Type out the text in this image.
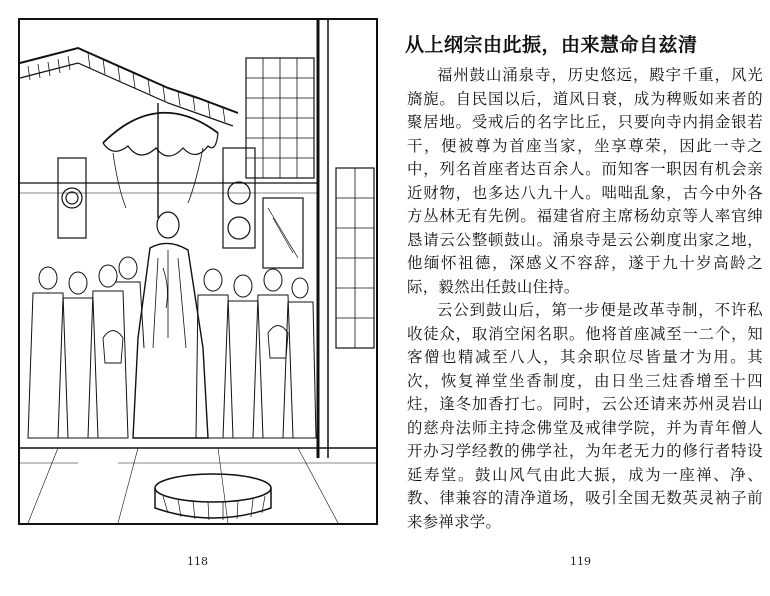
118
从上纲宗由此振，由来慧命自兹清

福州鼓山涌泉寺，历史悠远，殿宇千重，风光旖旎。自民国以后，道风日衰，成为稗贩如来者的聚居地。受戒后的名字比丘，只要向寺内捐金银若干，便被尊为首座当家，坐享尊荣，因此一寺之中，列名首座者达百余人。而知客一职因有机会亲近财物，也多达八九十人。咄咄乱象，古今中外各方丛林无有先例。福建省府主席杨幼京等人率官绅恳请云公整顿鼓山。涌泉寺是云公剃度出家之地，他缅怀祖德，深感义不容辞，遂于九十岁高龄之际，毅然出任鼓山住持。

云公到鼓山后，第一步便是改革寺制，不许私收徒众，取消空闲名职。他将首座减至一二个，知客僧也精减至八人，其余职位尽皆量才为用。其次，恢复禅堂坐香制度，由日坐三炷香增至十四炷，逢冬加香打七。同时，云公还请来苏州灵岩山的慈舟法师主持念佛堂及戒律学院，并为青年僧人开办习学经教的佛学社，为年老无力的修行者特设延寿堂。鼓山风气由此大振，成为一座禅、净、教、律兼容的清净道场，吸引全国无数英灵衲子前来参禅求学。

119
